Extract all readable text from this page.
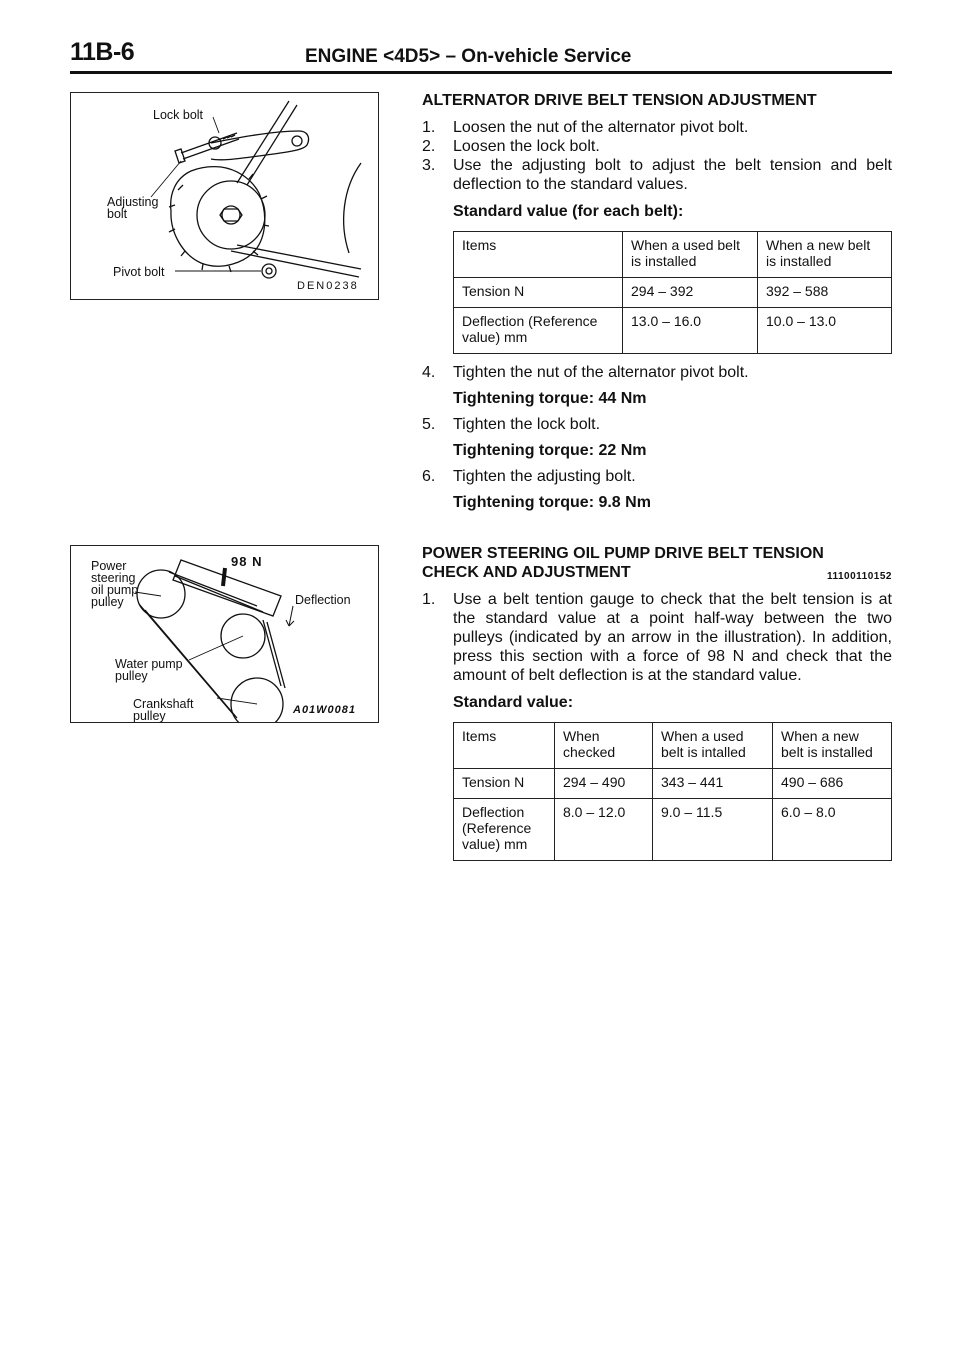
11B-6	ENGINE <4D5> – On-vehicle Service
Lock bolt
Adjusting
bolt
Pivot bolt
DEN0238
98 N
Power
steering
oil pump
pulley	Deflection
Water pump
pulley
Crankshaft
pulley	A01W0081
ALTERNATOR DRIVE BELT TENSION ADJUSTMENT

1. Loosen the nut of the alternator pivot bolt.

2. Loosen the lock bolt.

3. Use the adjusting bolt to adjust the belt tension and belt deflection to the standard values.

Standard value (for each belt):
Items	When a used belt is installed	When a new belt is installed
Tension N	294 – 392	392 – 588
Deflection (Reference value) mm	13.0 – 16.0	10.0 – 13.0

4. Tighten the nut of the alternator pivot bolt.

Tightening torque: 44 Nm

5. Tighten the lock bolt.

Tightening torque: 22 Nm

6. Tighten the adjusting bolt.

Tightening torque: 9.8 Nm
POWER STEERING OIL PUMP DRIVE BELT TENSION
CHECK AND ADJUSTMENT	11100110152

1. Use a belt tention gauge to check that the belt tension is at the standard value at a point half-way between the two pulleys (indicated by an arrow in the illustration). In addition, press this section with a force of 98 N and check that the amount of belt deflection is at the standard value.

Standard value:
Items	When checked	When a used belt is intalled	When a new belt is installed
Tension N	294 – 490	343 – 441	490 – 686
Deflection (Reference value) mm	8.0 – 12.0	9.0 – 11.5	6.0 – 8.0
